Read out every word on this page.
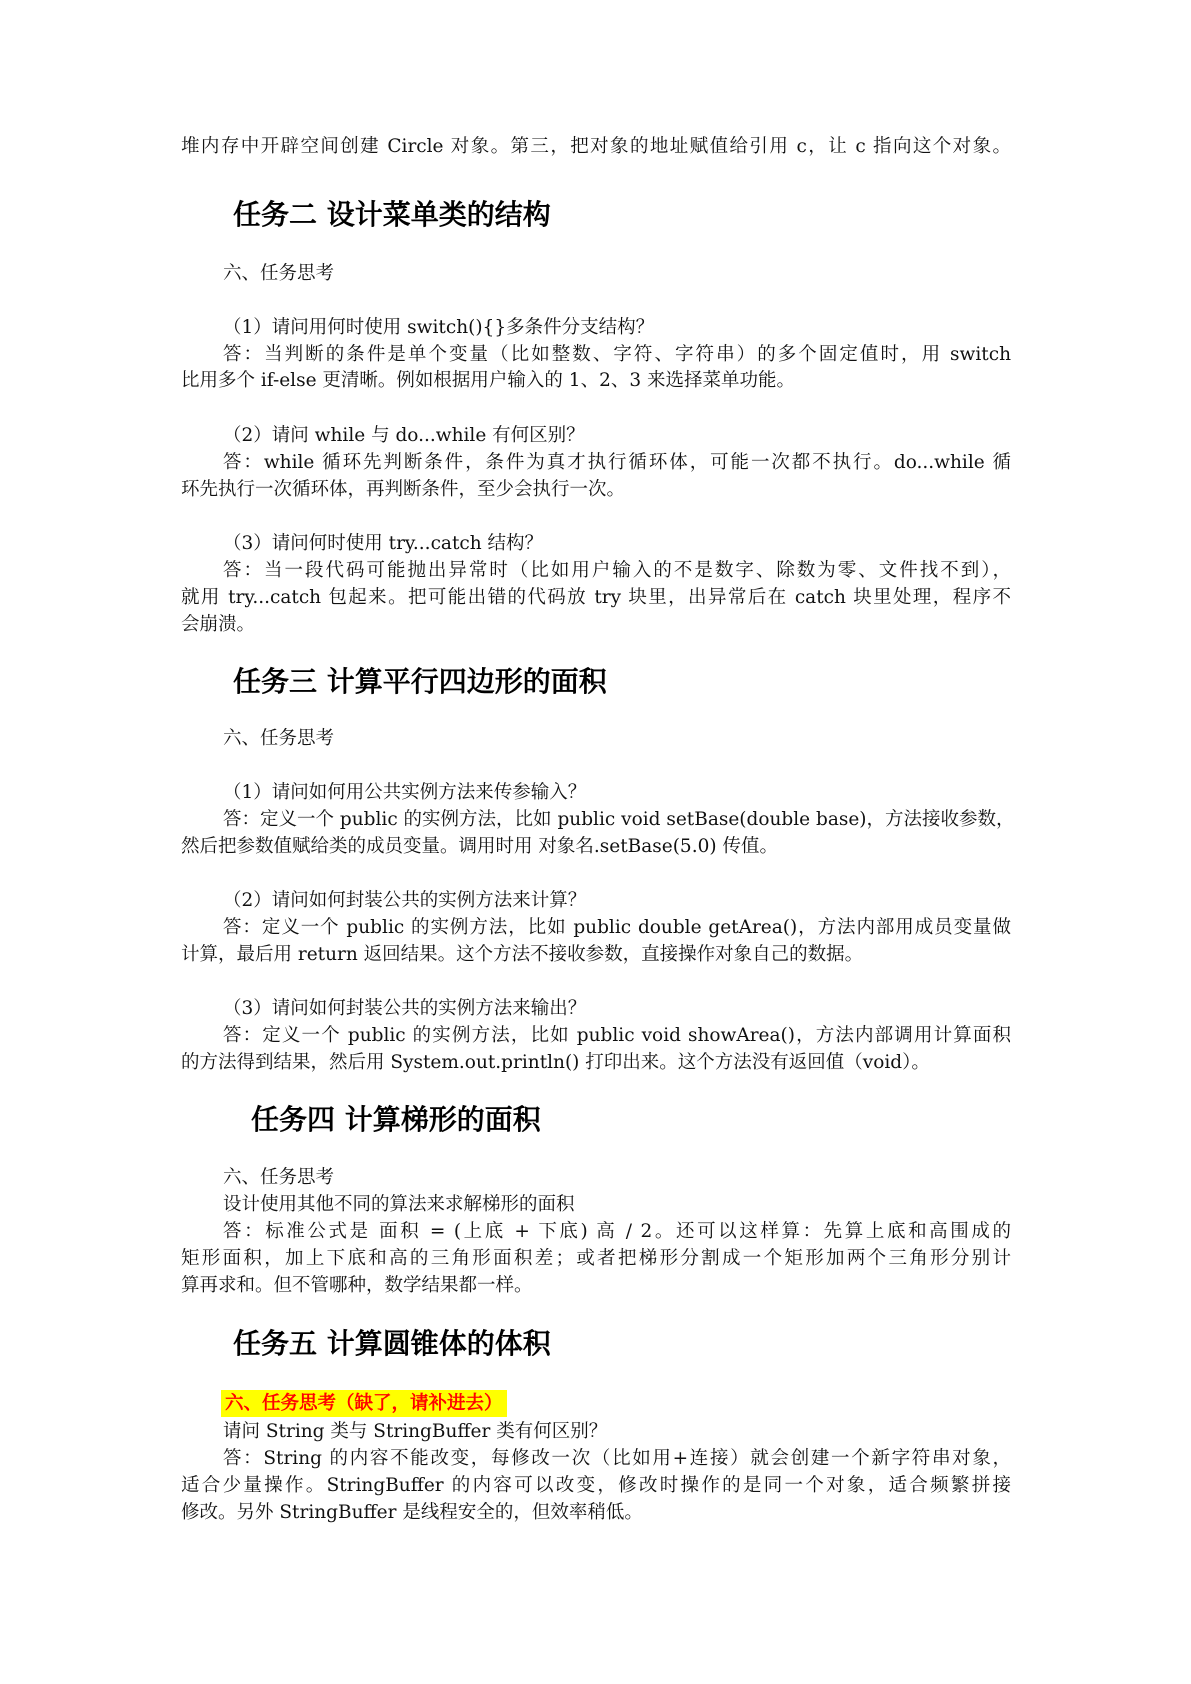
堆内存中开辟空间创建 Circle 对象。第三，把对象的地址赋值给引用 c，让 c 指向这个对象。
任务二 设计菜单类的结构
六、任务思考
（1）请问用何时使用 switch(){}多条件分支结构？
答：当判断的条件是单个变量（比如整数、字符、字符串）的多个固定值时，用 switch
比用多个 if-else 更清晰。例如根据用户输入的 1、2、3 来选择菜单功能。
（2）请问 while 与 do...while 有何区别？
答：while 循环先判断条件，条件为真才执行循环体，可能一次都不执行。do...while 循
环先执行一次循环体，再判断条件，至少会执行一次。
（3）请问何时使用 try...catch 结构？
答：当一段代码可能抛出异常时（比如用户输入的不是数字、除数为零、文件找不到），
就用 try...catch 包起来。把可能出错的代码放 try 块里，出异常后在 catch 块里处理，程序不
会崩溃。
任务三 计算平行四边形的面积
六、任务思考
（1）请问如何用公共实例方法来传参输入？
答：定义一个 public 的实例方法，比如 public void setBase(double base)，方法接收参数，
然后把参数值赋给类的成员变量。调用时用 对象名.setBase(5.0) 传值。
（2）请问如何封装公共的实例方法来计算？
答：定义一个 public 的实例方法，比如 public double getArea()，方法内部用成员变量做
计算，最后用 return 返回结果。这个方法不接收参数，直接操作对象自己的数据。
（3）请问如何封装公共的实例方法来输出？
答：定义一个 public 的实例方法，比如 public void showArea()，方法内部调用计算面积
的方法得到结果，然后用 System.out.println() 打印出来。这个方法没有返回值（void）。
任务四 计算梯形的面积
六、任务思考
设计使用其他不同的算法来求解梯形的面积
答：标准公式是 面积 = (上底 + 下底) 高 / 2。还可以这样算：先算上底和高围成的
矩形面积，加上下底和高的三角形面积差；或者把梯形分割成一个矩形加两个三角形分别计
算再求和。但不管哪种，数学结果都一样。
任务五 计算圆锥体的体积
六、任务思考（缺了，请补进去）
请问 String 类与 StringBuffer 类有何区别？
答：String 的内容不能改变，每修改一次（比如用+连接）就会创建一个新字符串对象，
适合少量操作。StringBuffer 的内容可以改变，修改时操作的是同一个对象，适合频繁拼接
修改。另外 StringBuffer 是线程安全的，但效率稍低。
